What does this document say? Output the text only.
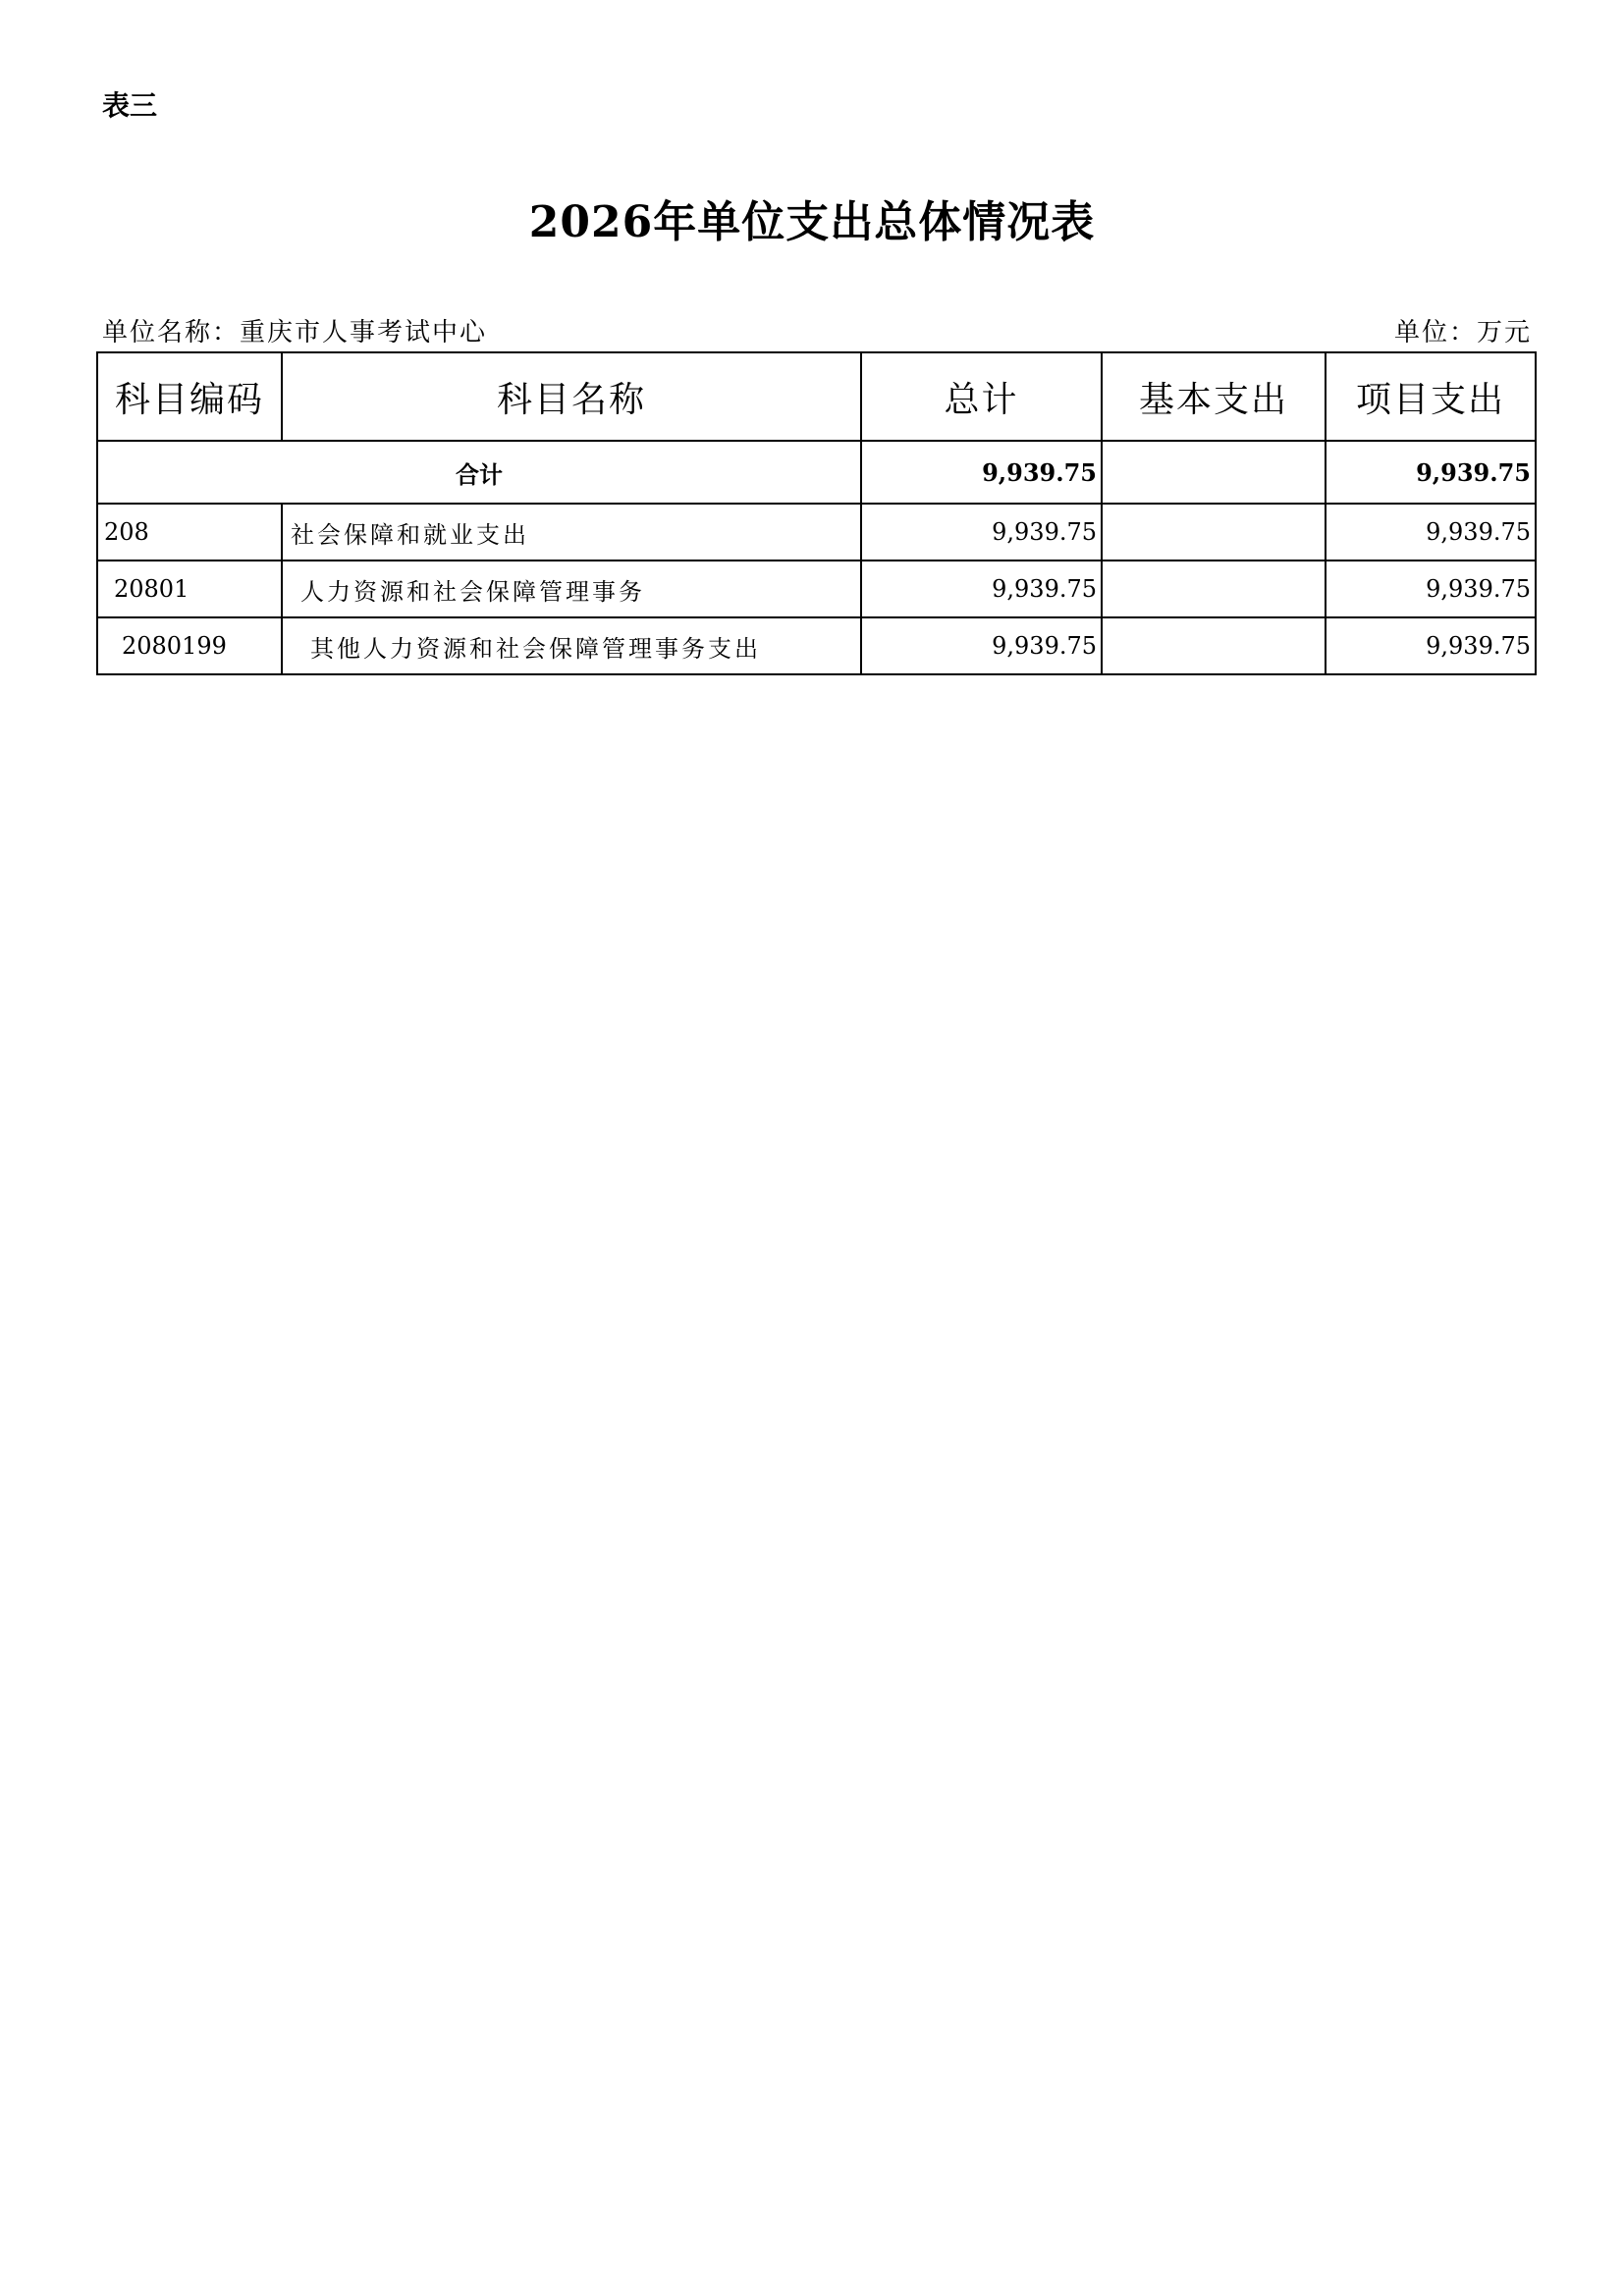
表三
2026年单位支出总体情况表
单位名称：重庆市人事考试中心	单位：万元
科目编码	科目名称	总计	基本支出	项目支出
合计		9,939.75		9,939.75
208	社会保障和就业支出	9,939.75		9,939.75
20801	人力资源和社会保障管理事务	9,939.75		9,939.75
2080199	其他人力资源和社会保障管理事务支出	9,939.75		9,939.75
